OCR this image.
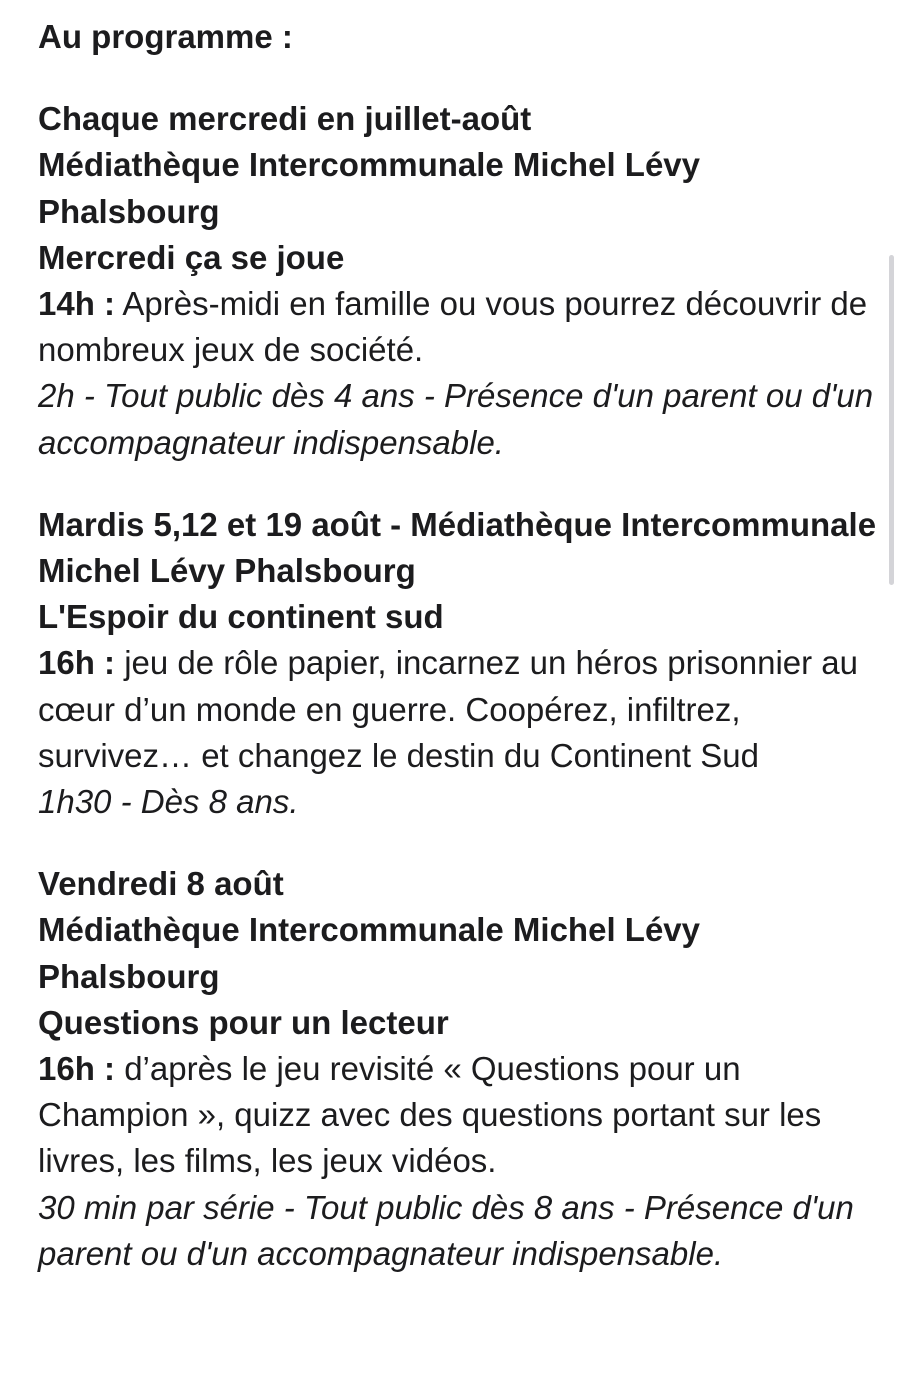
Au programme :
Chaque mercredi en juillet-août
Médiathèque Intercommunale Michel Lévy Phalsbourg
Mercredi ça se joue
14h : Après-midi en famille ou vous pourrez découvrir de nombreux jeux de société.
2h - Tout public dès 4 ans - Présence d'un parent ou d'un accompagnateur indispensable.
Mardis 5,12 et 19 août - Médiathèque Intercommunale Michel Lévy Phalsbourg
L'Espoir du continent sud
16h : jeu de rôle papier, incarnez un héros prisonnier au cœur d’un monde en guerre. Coopérez, infiltrez, survivez… et changez le destin du Continent Sud
1h30 - Dès 8 ans.
Vendredi 8 août
Médiathèque Intercommunale Michel Lévy Phalsbourg
Questions pour un lecteur
16h : d’après le jeu revisité « Questions pour un Champion », quizz avec des questions portant sur les livres, les films, les jeux vidéos.
30 min par série - Tout public dès 8 ans - Présence d'un parent ou d'un accompagnateur indispensable.
